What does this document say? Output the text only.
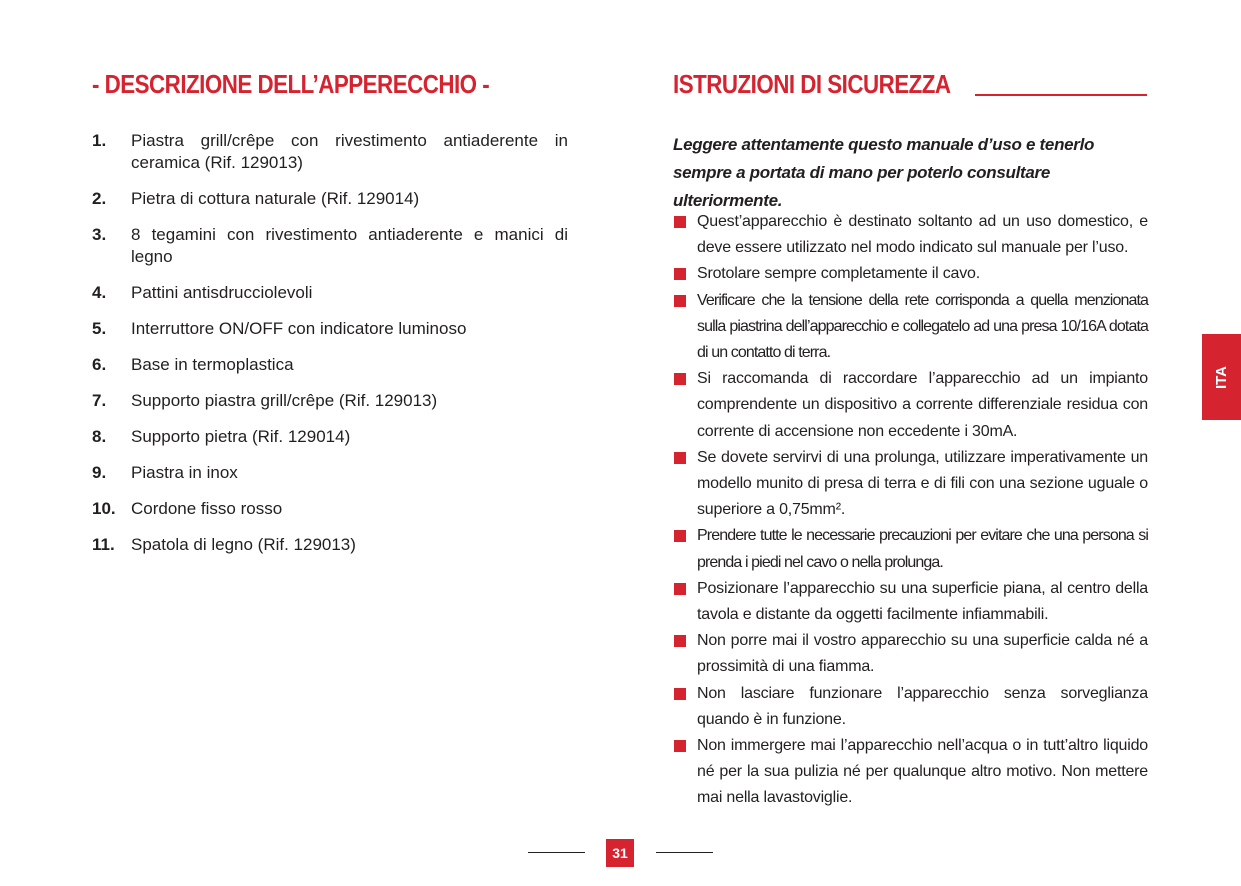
- DESCRIZIONE DELL’APPERECCHIO -
1.	Piastra grill/crêpe con rivestimento antiaderente in ceramica (Rif. 129013)
2.	Pietra di cottura naturale (Rif. 129014)
3.	8 tegamini con rivestimento antiaderente e manici di legno
4.	Pattini antisdrucciolevoli
5.	Interruttore ON/OFF con indicatore luminoso
6.	Base in termoplastica
7.	Supporto piastra grill/crêpe (Rif. 129013)
8.	Supporto pietra (Rif. 129014)
9.	Piastra in inox
10. Cordone fisso rosso
11. Spatola di legno (Rif. 129013)
ISTRUZIONI DI SICUREZZA

Leggere attentamente questo manuale d’uso e tenerlo sempre a portata di mano per poterlo consultare ulteriormente.

Quest’apparecchio è destinato soltanto ad un uso domestico, e deve essere utilizzato nel modo indicato sul manuale per l’uso.
Srotolare sempre completamente il cavo.
Verificare che la tensione della rete corrisponda a quella menzionata sulla piastrina dell’apparecchio e collegatelo ad una presa 10/16A dotata di un contatto di terra.
Si raccomanda di raccordare l’apparecchio ad un impianto comprendente un dispositivo a corrente differenziale residua con corrente di accensione non eccedente i 30mA.
Se dovete servirvi di una prolunga, utilizzare imperativamente un modello munito di presa di terra e di fili con una sezione uguale o superiore a 0,75mm².
Prendere tutte le necessarie precauzioni per evitare che una persona si prenda i piedi nel cavo o nella prolunga.
Posizionare l’apparecchio su una superficie piana, al centro della tavola e distante da oggetti facilmente infiammabili.
Non porre mai il vostro apparecchio su una superficie calda né a prossimità di una fiamma.
Non lasciare funzionare l’apparecchio senza sorveglianza quando è in funzione.
Non immergere mai l’apparecchio nell’acqua o in tutt’altro liquido né per la sua pulizia né per qualunque altro motivo. Non mettere mai nella lavastoviglie.
ITA
31
